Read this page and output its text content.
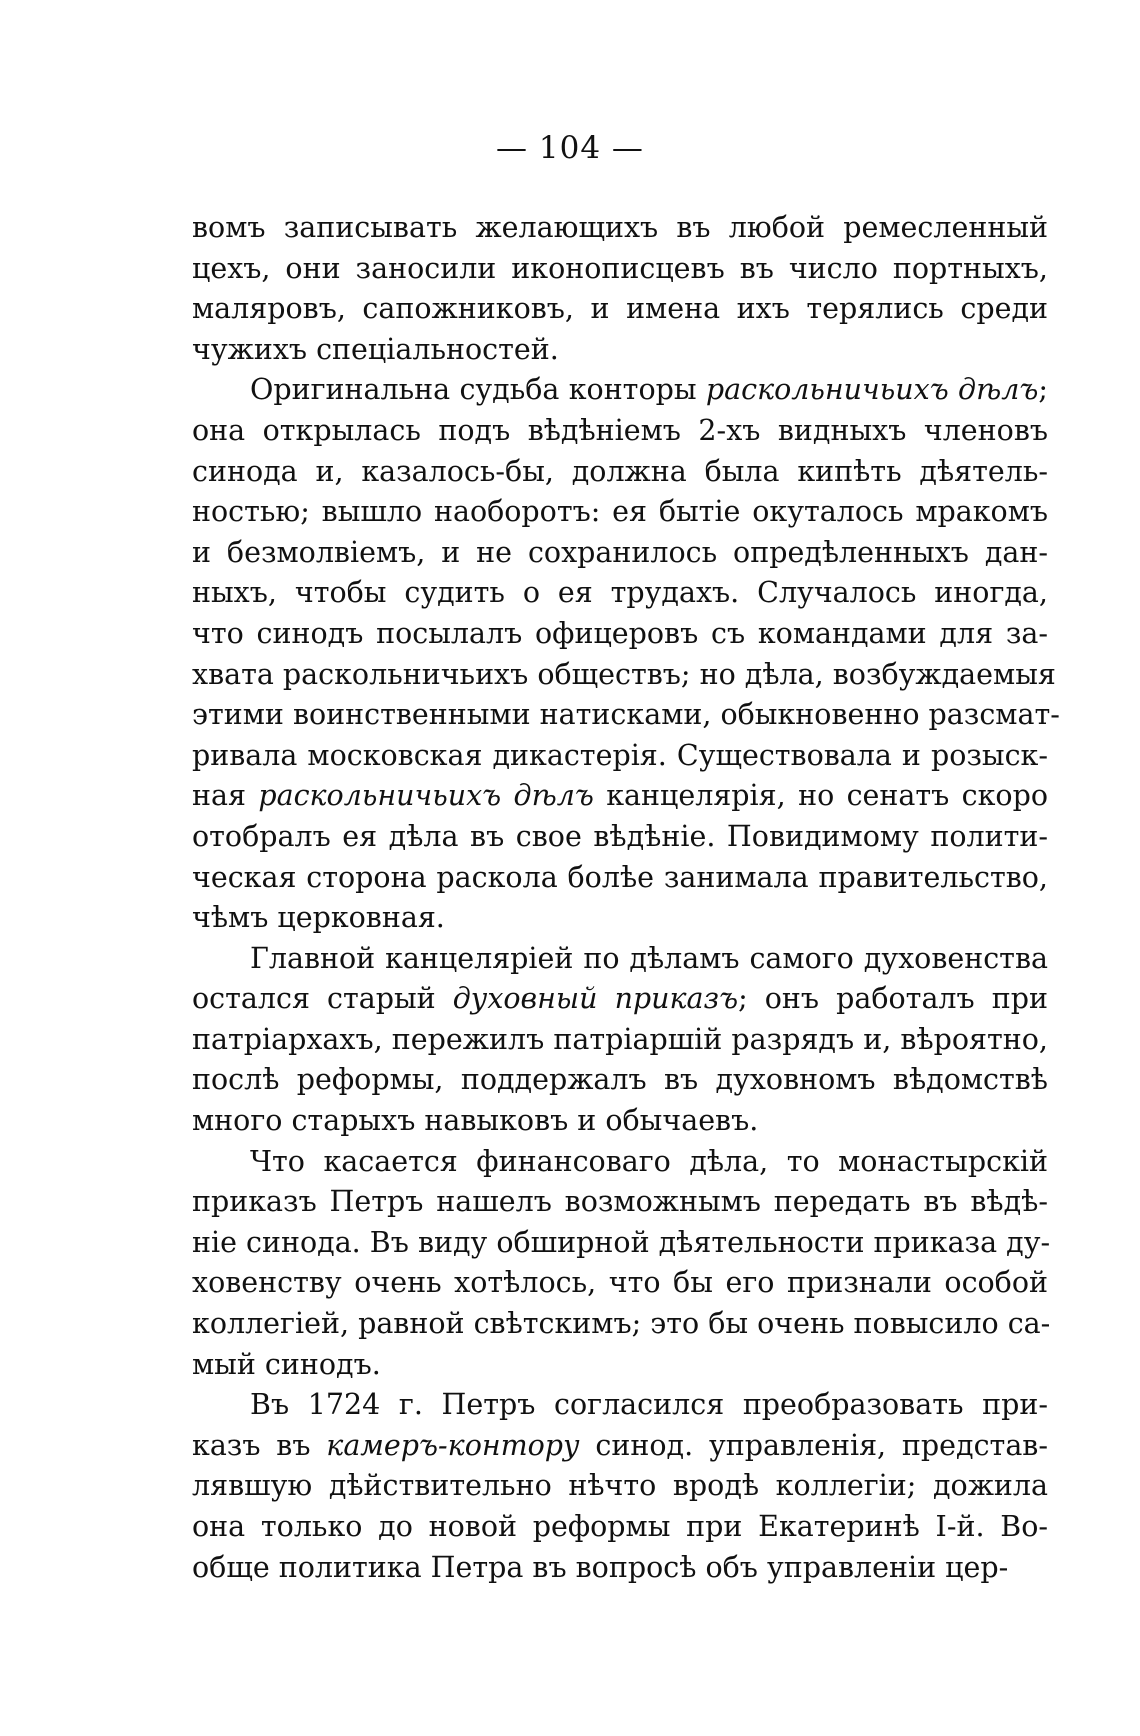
— 104 —
вомъ записывать желающихъ въ любой ремесленный
цехъ, они заносили иконописцевъ въ число портныхъ,
маляровъ, сапожниковъ, и имена ихъ терялись среди
чужихъ спецiальностей.
Оригинальна судьба конторы раскольничьихъ дѣлъ;
она открылась подъ вѣдѣнiемъ 2-хъ видныхъ членовъ
синода и, казалось-бы, должна была кипѣть дѣятель-
ностью; вышло наоборотъ: ея бытiе окуталось мракомъ
и безмолвiемъ, и не сохранилось опредѣленныхъ дан-
ныхъ, чтобы судить о ея трудахъ. Случалось иногда,
что синодъ посылалъ офицеровъ съ командами для за-
хвата раскольничьихъ обществъ; но дѣла, возбуждаемыя
этими воинственными натисками, обыкновенно разсмат-
ривала московская дикастерiя. Существовала и розыск-
ная раскольничьихъ дѣлъ канцелярiя, но сенатъ скоро
отобралъ ея дѣла въ свое вѣдѣнiе. Повидимому полити-
ческая сторона раскола болѣе занимала правительство,
чѣмъ церковная.
Главной канцелярiей по дѣламъ самого духовенства
остался старый духовный приказъ; онъ работалъ при
патрiархахъ, пережилъ патрiаршiй разрядъ и, вѣроятно,
послѣ реформы, поддержалъ въ духовномъ вѣдомствѣ
много старыхъ навыковъ и обычаевъ.
Что касается финансоваго дѣла, то монастырскiй
приказъ Петръ нашелъ возможнымъ передать въ вѣдѣ-
нiе синода. Въ виду обширной дѣятельности приказа ду-
ховенству очень хотѣлось, что бы его признали особой
коллегiей, равной свѣтскимъ; это бы очень повысило са-
мый синодъ.
Въ 1724 г. Петръ согласился преобразовать при-
казъ въ камеръ-контору синод. управленiя, представ-
лявшую дѣйствительно нѣчто вродѣ коллегiи; дожила
она только до новой реформы при Екатеринѣ I-й. Во-
обще политика Петра въ вопросѣ объ управленiи цер-
